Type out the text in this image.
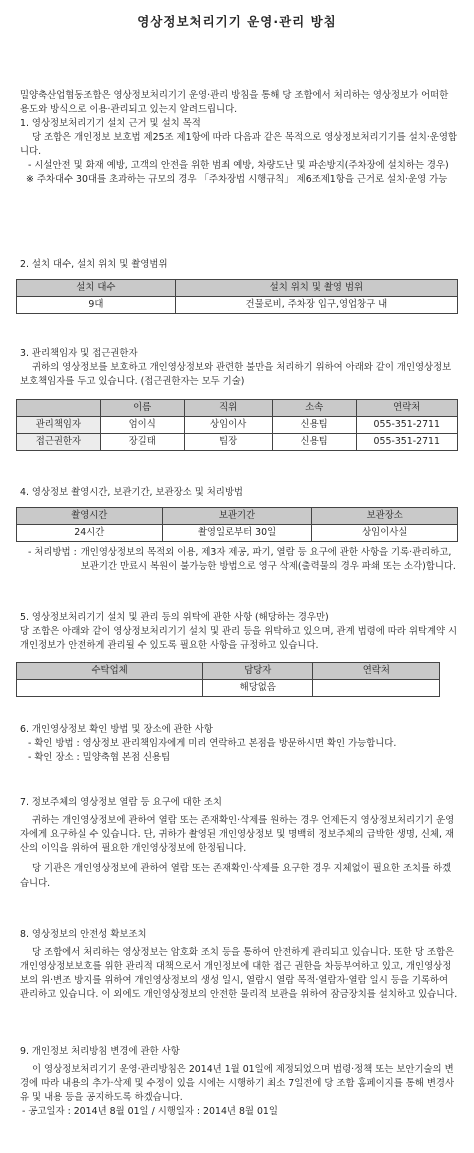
영상정보처리기기 운영·관리 방침

밀양축산업협동조합은 영상정보처리기기 운영·관리 방침을 통해 당 조합에서 처리하는 영상정보가 어떠한 용도와 방식으로 이용·관리되고 있는지 알려드립니다.

1. 영상정보처리기기 설치 근거 및 설치 목적

당 조합은 개인정보 보호법 제25조 제1항에 따라 다음과 같은 목적으로 영상정보처리기기를 설치·운영합니다.

- 시설안전 및 화재 예방, 고객의 안전을 위한 범죄 예방, 차량도난 및 파손방지(주차장에 설치하는 경우)

※ 주차대수 30대를 초과하는 규모의 경우 「주차장법 시행규칙」 제6조제1항을 근거로 설치·운영 가능

2. 설치 대수, 설치 위치 및 촬영범위
설치 대수	설치 위치 및 촬영 범위
9대	건물로비, 주차장 입구,영업창구 내
3. 관리책임자 및 접근권한자

귀하의 영상정보를 보호하고 개인영상정보와 관련한 불만을 처리하기 위하여 아래와 같이 개인영상정보 보호책임자를 두고 있습니다. (접근권한자는 모두 기술)

	이름	직위	소속	연락처
관리책임자	엄이식	상임이사	신용팀	055-351-2711
접근권한자	장길태	팀장	신용팀	055-351-2711
4. 영상정보 촬영시간, 보관기간, 보관장소 및 처리방법
촬영시간	보관기간	보관장소
24시간	촬영일로부터 30일	상임이사실
- 처리방법 : 개인영상정보의 목적외 이용, 제3자 제공, 파기, 열람 등 요구에 관한 사항을 기록·관리하고, 보관기간 만료시 복원이 불가능한 방법으로 영구 삭제(출력물의 경우 파쇄 또는 소각)합니다.
5. 영상정보처리기기 설치 및 관리 등의 위탁에 관한 사항 (해당하는 경우만)

당 조합은 아래와 같이 영상정보처리기기 설치 및 관리 등을 위탁하고 있으며, 관계 법령에 따라 위탁계약 시 개인정보가 안전하게 관리될 수 있도록 필요한 사항을 규정하고 있습니다.

수탁업체	담당자	연락처
	해당없음	
6. 개인영상정보 확인 방법 및 장소에 관한 사항

- 확인 방법 : 영상정보 관리책임자에게 미리 연락하고 본점을 방문하시면 확인 가능합니다.

- 확인 장소 : 밀양축협 본점 신용팀

7. 정보주체의 영상정보 열람 등 요구에 대한 조치

귀하는 개인영상정보에 관하여 열람 또는 존재확인·삭제를 원하는 경우 언제든지 영상정보처리기기 운영자에게 요구하실 수 있습니다. 단, 귀하가 촬영된 개인영상정보 및 명백히 정보주체의 급박한 생명, 신체, 재산의 이익을 위하여 필요한 개인영상정보에 한정됩니다.

당 기관은 개인영상정보에 관하여 열람 또는 존재확인·삭제를 요구한 경우 지체없이 필요한 조치를 하겠습니다.

8. 영상정보의 안전성 확보조치

당 조합에서 처리하는 영상정보는 암호화 조치 등을 통하여 안전하게 관리되고 있습니다. 또한 당 조합은 개인영상정보보호를 위한 관리적 대책으로서 개인정보에 대한 접근 권한을 차등부여하고 있고, 개인영상정보의 위·변조 방지를 위하여 개인영상정보의 생성 일시, 열람시 열람 목적·열람자·열람 일시 등을 기록하여 관리하고 있습니다. 이 외에도 개인영상정보의 안전한 물리적 보관을 위하여 잠금장치를 설치하고 있습니다.

9. 개인정보 처리방침 변경에 관한 사항

이 영상정보처리기기 운영·관리방침은 2014년 1월 01일에 제정되었으며 법령·정책 또는 보안기술의 변경에 따라 내용의 추가·삭제 및 수정이 있을 시에는 시행하기 최소 7일전에 당 조합 홈페이지를 통해 변경사유 및 내용 등을 공지하도록 하겠습니다.

- 공고일자 : 2014년 8월 01일 / 시행일자 : 2014년 8월 01일
